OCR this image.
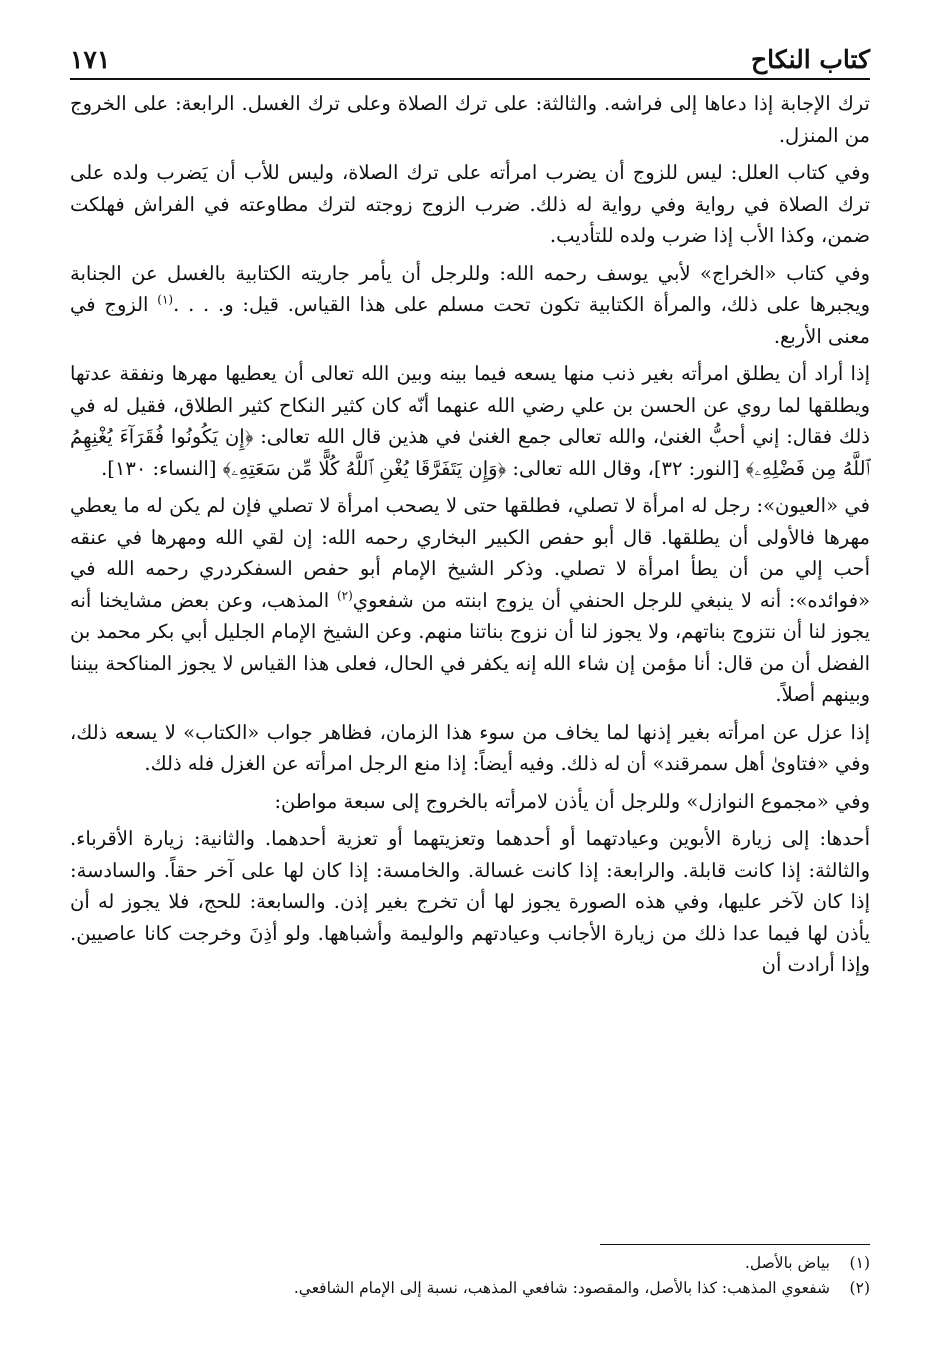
كتاب النكاح
١٧١

ترك الإجابة إذا دعاها إلى فراشه. والثالثة: على ترك الصلاة وعلى ترك الغسل. الرابعة: على الخروج من المنزل.

وفي كتاب العلل: ليس للزوج أن يضرب امرأته على ترك الصلاة، وليس للأب أن يَضرب ولده على ترك الصلاة في رواية وفي رواية له ذلك. ضرب الزوج زوجته لترك مطاوعته في الفراش فهلكت ضمن، وكذا الأب إذا ضرب ولده للتأديب.

وفي كتاب «الخراج» لأبي يوسف رحمه الله: وللرجل أن يأمر جاريته الكتابية بالغسل عن الجنابة ويجبرها على ذلك، والمرأة الكتابية تكون تحت مسلم على هذا القياس. قيل: و. . . .$^{(١)}$ الزوج في معنى الأربع.

إذا أراد أن يطلق امرأته بغير ذنب منها يسعه فيما بينه وبين الله تعالى أن يعطيها مهرها ونفقة عدتها ويطلقها لما روي عن الحسن بن علي رضي الله عنهما أنّه كان كثير النكاح كثير الطلاق، فقيل له في ذلك فقال: إني أحبُّ الغنىٰ، والله تعالى جمع الغنىٰ في هذين قال الله تعالى: ﴿إِن يَكُونُوا فُقَرَآءَ يُغْنِهِمُ ٱللَّهُ مِن فَضْلِهِۦ﴾ [النور: ٣٢]، وقال الله تعالى: ﴿وَإِن يَتَفَرَّقَا يُغْنِ ٱللَّهُ كُلًّا مِّن سَعَتِهِۦ﴾ [النساء: ١٣٠].

في «العيون»: رجل له امرأة لا تصلي، فطلقها حتى لا يصحب امرأة لا تصلي فإن لم يكن له ما يعطي مهرها فالأولى أن يطلقها. قال أبو حفص الكبير البخاري رحمه الله: إن لقي الله ومهرها في عنقه أحب إلي من أن يطأ امرأة لا تصلي. وذكر الشيخ الإمام أبو حفص السفكردري رحمه الله في «فوائده»: أنه لا ينبغي للرجل الحنفي أن يزوج ابنته من شفعوي$^{(٢)}$ المذهب، وعن بعض مشايخنا أنه يجوز لنا أن نتزوج بناتهم، ولا يجوز لنا أن نزوج بناتنا منهم. وعن الشيخ الإمام الجليل أبي بكر محمد بن الفضل أن من قال: أنا مؤمن إن شاء الله إنه يكفر في الحال، فعلى هذا القياس لا يجوز المناكحة بيننا وبينهم أصلاً.

إذا عزل عن امرأته بغير إذنها لما يخاف من سوء هذا الزمان، فظاهر جواب «الكتاب» لا يسعه ذلك، وفي «فتاوىٰ أهل سمرقند» أن له ذلك. وفيه أيضاً: إذا منع الرجل امرأته عن الغزل فله ذلك.

وفي «مجموع النوازل» وللرجل أن يأذن لامرأته بالخروج إلى سبعة مواطن:

أحدها: إلى زيارة الأبوين وعيادتهما أو أحدهما وتعزيتهما أو تعزية أحدهما. والثانية: زيارة الأقرباء. والثالثة: إذا كانت قابلة. والرابعة: إذا كانت غسالة. والخامسة: إذا كان لها على آخر حقاً. والسادسة: إذا كان لآخر عليها، وفي هذه الصورة يجوز لها أن تخرج بغير إذن. والسابعة: للحج، فلا يجوز له أن يأذن لها فيما عدا ذلك من زيارة الأجانب وعيادتهم والوليمة وأشباهها. ولو أذِنَ وخرجت كانا عاصيين. وإذا أرادت أن

(١)
بياض بالأصل.
(٢)
شفعوي المذهب: كذا بالأصل، والمقصود: شافعي المذهب، نسبة إلى الإمام الشافعي.
